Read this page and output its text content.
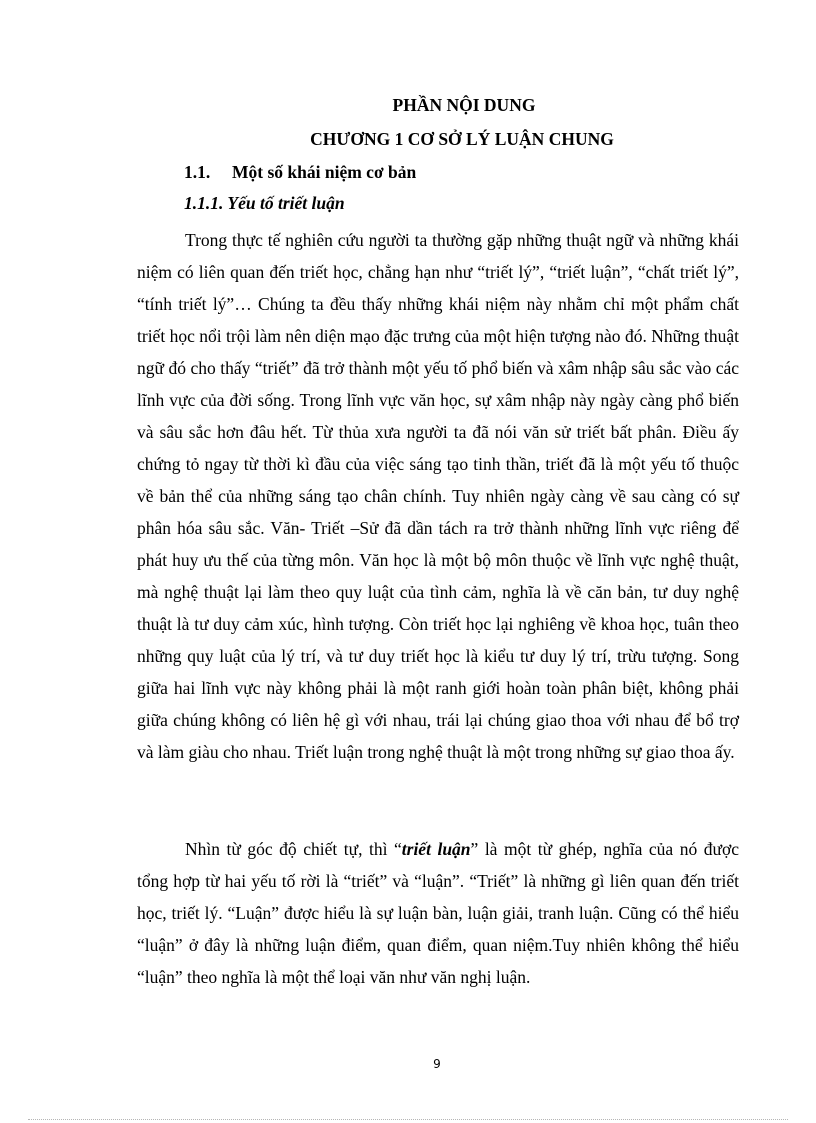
PHẦN NỘI DUNG
CHƯƠNG 1 CƠ SỞ LÝ LUẬN CHUNG
1.1. Một số khái niệm cơ bản
1.1.1. Yếu tố triết luận

Trong thực tế nghiên cứu người ta thường gặp những thuật ngữ và những khái niệm có liên quan đến triết học, chẳng hạn như “triết lý”, “triết luận”, “chất triết lý”, “tính triết lý”… Chúng ta đều thấy những khái niệm này nhằm chỉ một phẩm chất triết học nổi trội làm nên diện mạo đặc trưng của một hiện tượng nào đó. Những thuật ngữ đó cho thấy “triết” đã trở thành một yếu tố phổ biến và xâm nhập sâu sắc vào các lĩnh vực của đời sống. Trong lĩnh vực văn học, sự xâm nhập này ngày càng phổ biến và sâu sắc hơn đâu hết. Từ thủa xưa người ta đã nói văn sử triết bất phân. Điều ấy chứng tỏ ngay từ thời kì đầu của việc sáng tạo tinh thần, triết đã là một yếu tố thuộc về bản thể của những sáng tạo chân chính. Tuy nhiên ngày càng về sau càng có sự phân hóa sâu sắc. Văn- Triết –Sử đã dần tách ra trở thành những lĩnh vực riêng để phát huy ưu thế của từng môn. Văn học là một bộ môn thuộc về lĩnh vực nghệ thuật, mà nghệ thuật lại làm theo quy luật của tình cảm, nghĩa là về căn bản, tư duy nghệ thuật là tư duy cảm xúc, hình tượng. Còn triết học lại nghiêng về khoa học, tuân theo những quy luật của lý trí, và tư duy triết học là kiểu tư duy lý trí, trừu tượng. Song giữa hai lĩnh vực này không phải là một ranh giới hoàn toàn phân biệt, không phải giữa chúng không có liên hệ gì với nhau, trái lại chúng giao thoa với nhau để bổ trợ và làm giàu cho nhau. Triết luận trong nghệ thuật là một trong những sự giao thoa ấy.

Nhìn từ góc độ chiết tự, thì “triết luận” là một từ ghép, nghĩa của nó được tổng hợp từ hai yếu tố rời là “triết” và “luận”. “Triết” là những gì liên quan đến triết học, triết lý. “Luận” được hiểu là sự luận bàn, luận giải, tranh luận. Cũng có thể hiểu “luận” ở đây là những luận điểm, quan điểm, quan niệm.Tuy nhiên không thể hiểu “luận” theo nghĩa là một thể loại văn như văn nghị luận.

9
